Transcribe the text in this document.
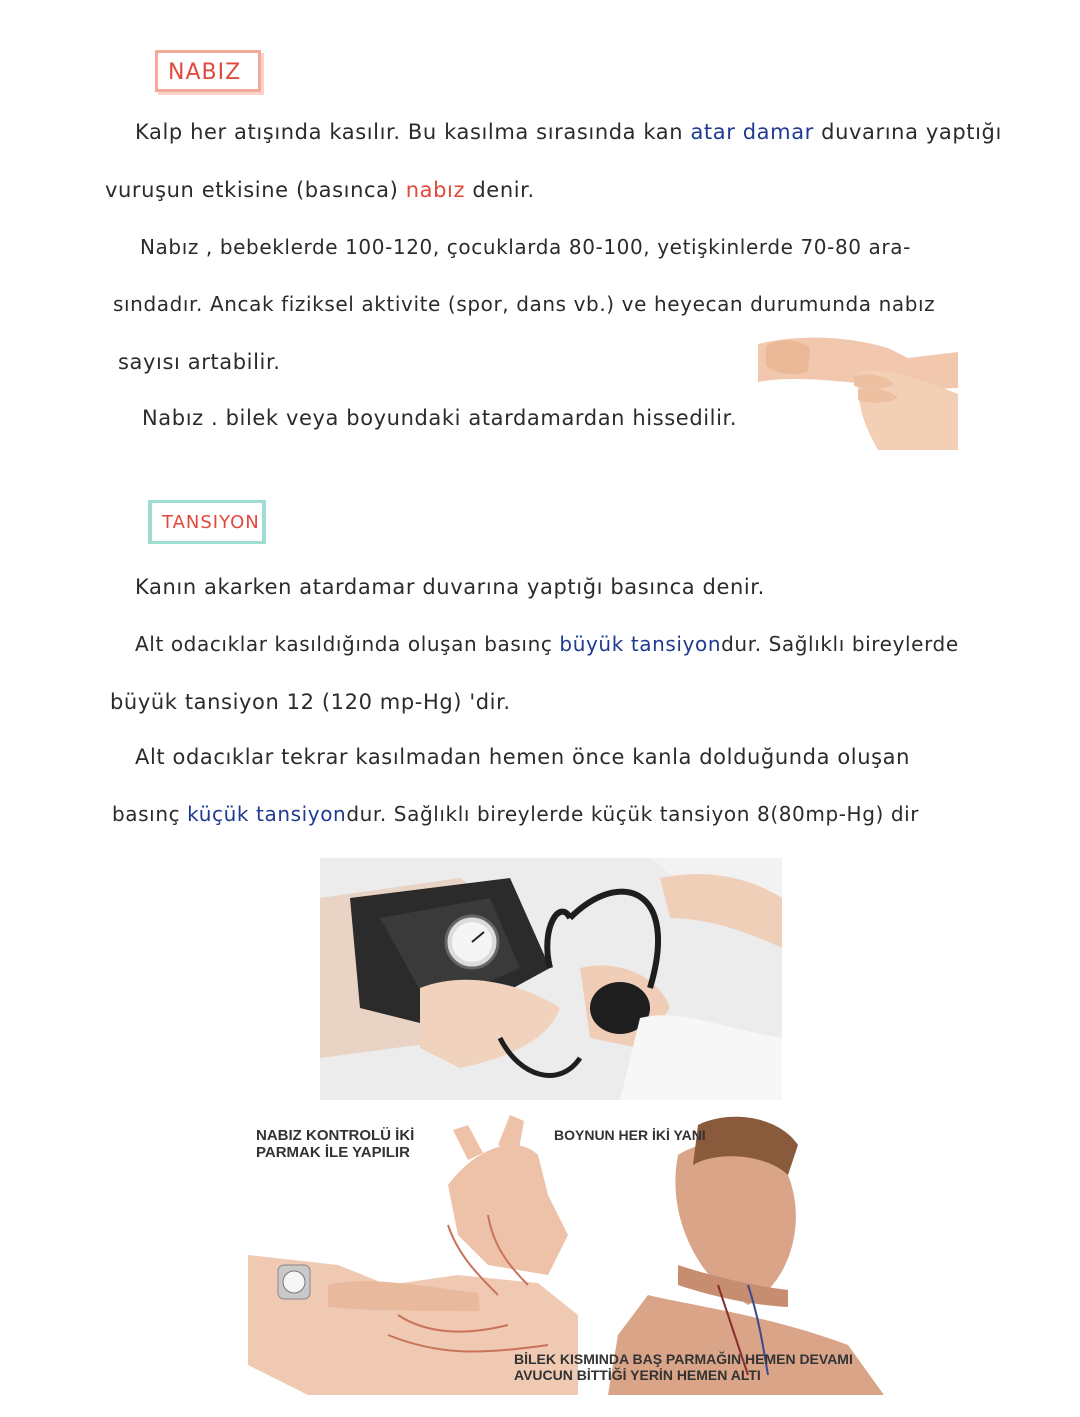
NABIZ
Kalp her atışında kasılır. Bu kasılma sırasında kan atar damar duvarına yaptığı
vuruşun etkisine (basınca) nabız denir.
Nabız , bebeklerde 100-120, çocuklarda 80-100, yetişkinlerde 70-80 ara-
sındadır. Ancak fiziksel aktivite (spor, dans vb.) ve heyecan durumunda nabız
sayısı artabilir.
Nabız . bilek veya boyundaki atardamardan hissedilir.
TANSIYON
Kanın akarken atardamar duvarına yaptığı basınca denir.
Alt odacıklar kasıldığında oluşan basınç büyük tansiyondur. Sağlıklı bireylerde
büyük tansiyon 12 (120 mp-Hg) 'dir.
Alt odacıklar tekrar kasılmadan hemen önce kanla dolduğunda oluşan
basınç küçük tansiyondur. Sağlıklı bireylerde küçük tansiyon 8(80mp-Hg) dir
NABIZ KONTROLÜ İKİ
PARMAK İLE YAPILIR
BOYNUN HER İKİ YANI
BİLEK KISMINDA BAŞ PARMAĞIN HEMEN DEVAMI
AVUCUN BİTTİĞİ YERİN HEMEN ALTI
